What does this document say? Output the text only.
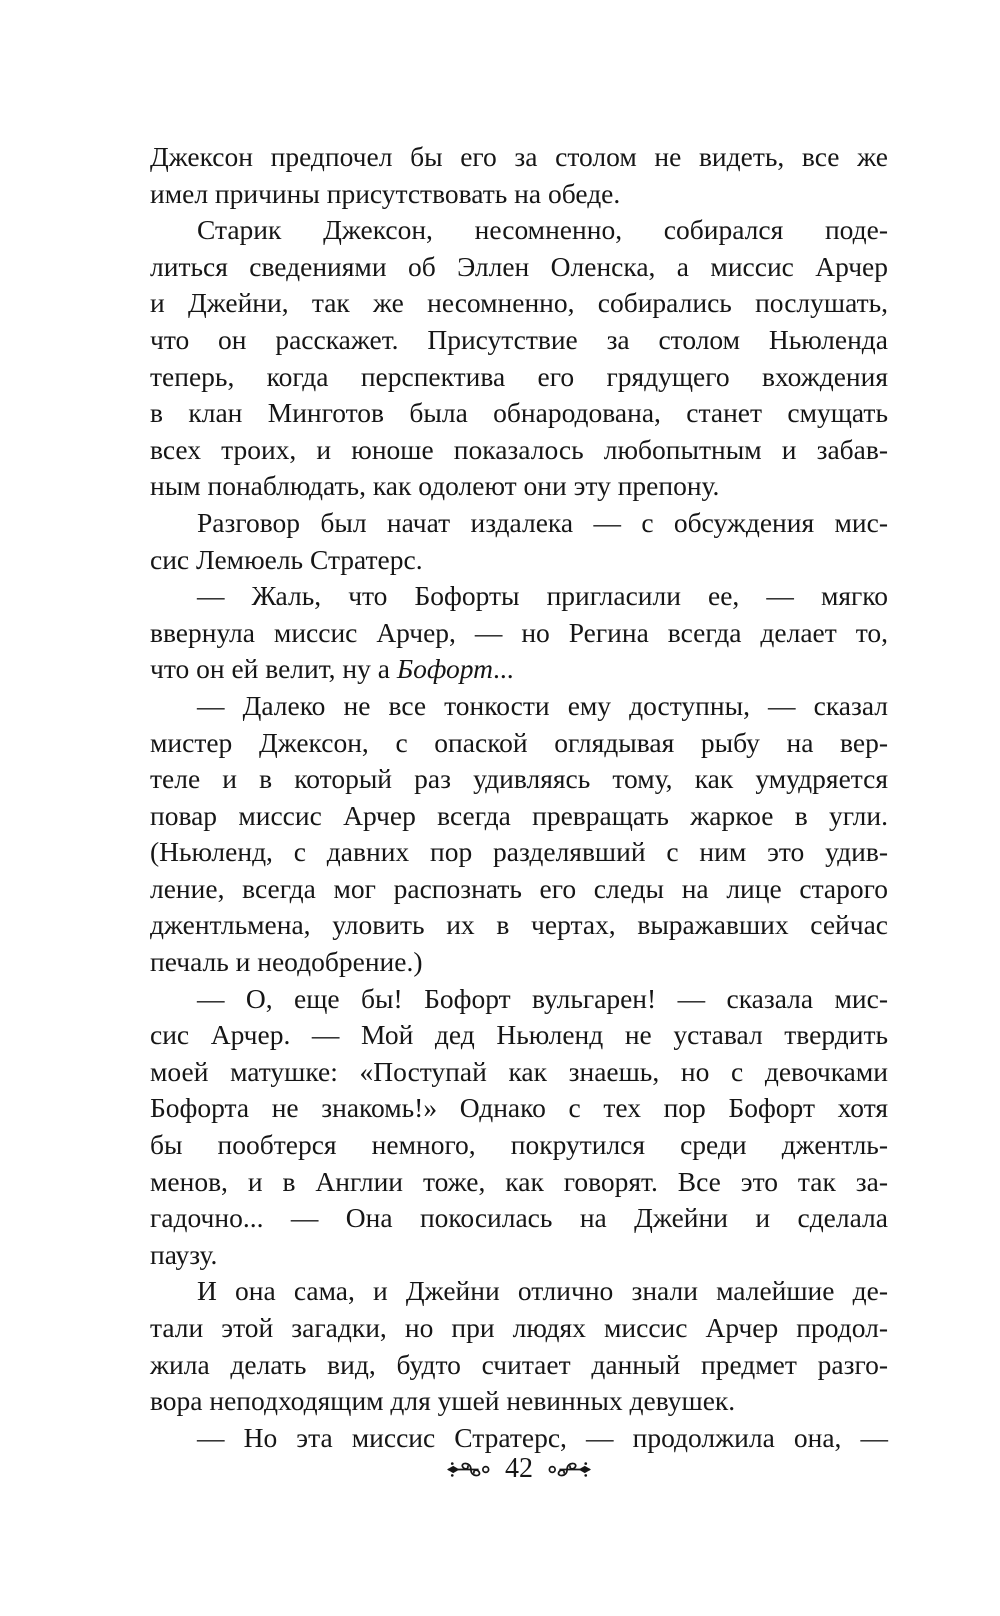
Джексон предпочел бы его за столом не видеть, все же
имел причины присутствовать на обеде.
Старик Джексон, несомненно, собирался поде-
литься сведениями об Эллен Оленска, а миссис Арчер
и Джейни, так же несомненно, собирались послушать,
что он расскажет. Присутствие за столом Ньюленда
теперь, когда перспектива его грядущего вхождения
в клан Минготов была обнародована, станет смущать
всех троих, и юноше показалось любопытным и забав-
ным понаблюдать, как одолеют они эту препону.
Разговор был начат издалека — с обсуждения мис-
сис Лемюель Стратерс.
— Жаль, что Бофорты пригласили ее, — мягко
ввернула миссис Арчер, — но Регина всегда делает то,
что он ей велит, ну а Бофорт...
— Далеко не все тонкости ему доступны, — сказал
мистер Джексон, с опаской оглядывая рыбу на вер-
теле и в который раз удивляясь тому, как умудряется
повар миссис Арчер всегда превращать жаркое в угли.
(Ньюленд, с давних пор разделявший с ним это удив-
ление, всегда мог распознать его следы на лице старого
джентльмена, уловить их в чертах, выражавших сейчас
печаль и неодобрение.)
— О, еще бы! Бофорт вульгарен! — сказала мис-
сис Арчер. — Мой дед Ньюленд не уставал твердить
моей матушке: «Поступай как знаешь, но с девочками
Бофорта не знакомь!» Однако с тех пор Бофорт хотя
бы пообтерся немного, покрутился среди джентль-
менов, и в Англии тоже, как говорят. Все это так за-
гадочно... — Она покосилась на Джейни и сделала
паузу.
И она сама, и Джейни отлично знали малейшие де-
тали этой загадки, но при людях миссис Арчер продол-
жила делать вид, будто считает данный предмет разго-
вора неподходящим для ушей невинных девушек.
— Но эта миссис Стратерс, — продолжила она, —
42
